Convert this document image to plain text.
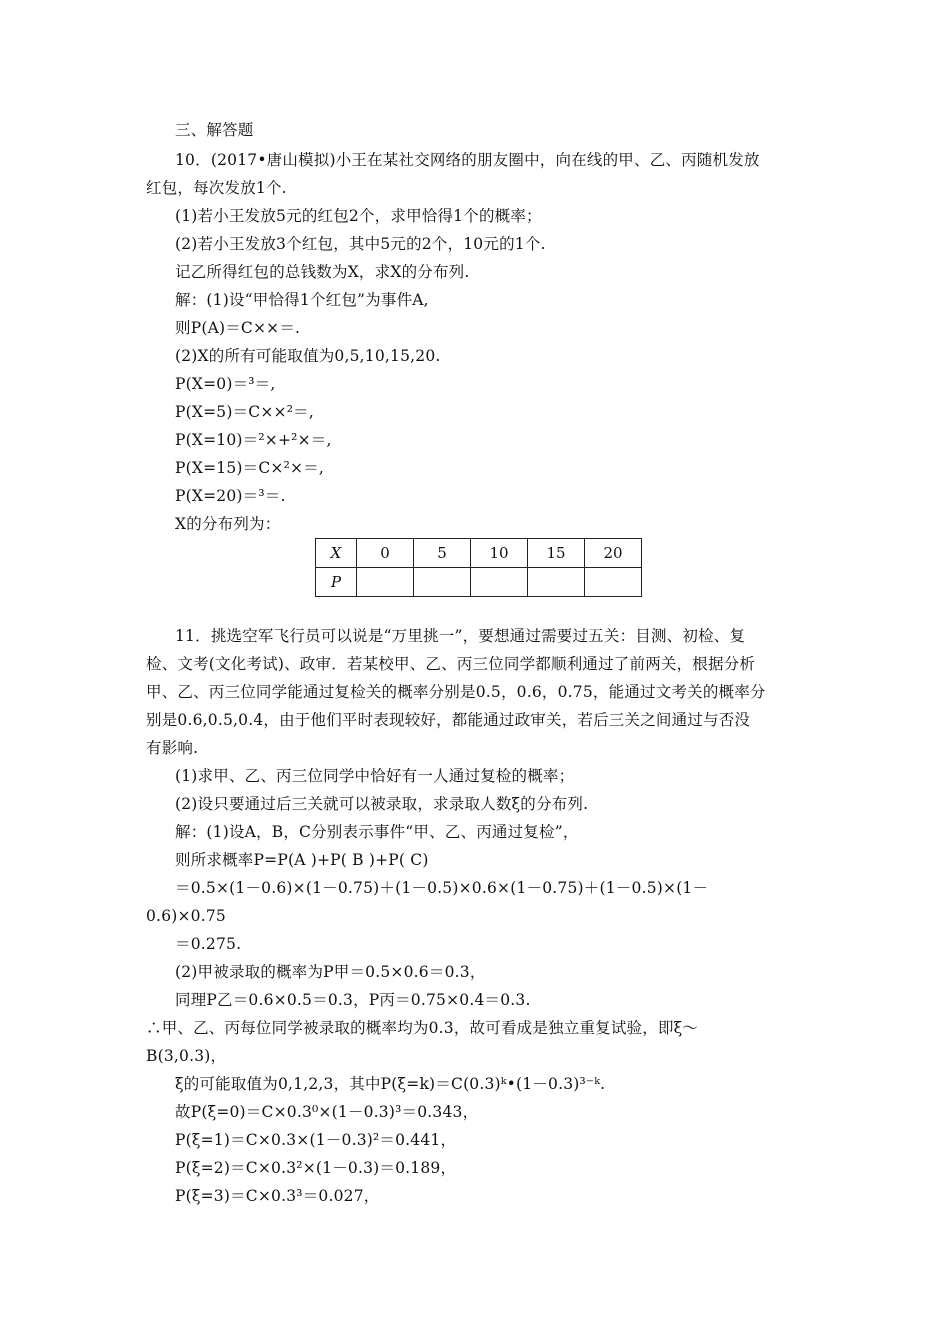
三、解答题
10．(2017•唐山模拟)小王在某社交网络的朋友圈中，向在线的甲、乙、丙随机发放
红包，每次发放1个.
(1)若小王发放5元的红包2个，求甲恰得1个的概率；
(2)若小王发放3个红包，其中5元的2个，10元的1个.
记乙所得红包的总钱数为X，求X的分布列.
解：(1)设“甲恰得1个红包”为事件A,
则P(A)＝C××＝.
(2)X的所有可能取值为0,5,10,15,20.
P(X=0)＝³＝,
P(X=5)＝C××²＝,
P(X=10)＝²×+²×＝,
P(X=15)＝C×²×＝,
P(X=20)＝³＝.
X的分布列为：
X	0	5	10	15	20
P					
11．挑选空军飞行员可以说是“万里挑一”，要想通过需要过五关：目测、初检、复
检、文考(文化考试)、政审．若某校甲、乙、丙三位同学都顺利通过了前两关，根据分析
甲、乙、丙三位同学能通过复检关的概率分别是0.5，0.6，0.75，能通过文考关的概率分
别是0.6,0.5,0.4，由于他们平时表现较好，都能通过政审关，若后三关之间通过与否没
有影响.
(1)求甲、乙、丙三位同学中恰好有一人通过复检的概率；
(2)设只要通过后三关就可以被录取，求录取人数ξ的分布列.
解：(1)设A，B，C分别表示事件“甲、乙、丙通过复检”，
则所求概率P=P(A )+P( B )+P( C)
＝0.5×(1－0.6)×(1－0.75)＋(1－0.5)×0.6×(1－0.75)＋(1－0.5)×(1－
0.6)×0.75
＝0.275.
(2)甲被录取的概率为P甲＝0.5×0.6＝0.3，
同理P乙＝0.6×0.5＝0.3，P丙＝0.75×0.4＝0.3.
∴甲、乙、丙每位同学被录取的概率均为0.3，故可看成是独立重复试验，即ξ～
B(3,0.3)，
ξ的可能取值为0,1,2,3，其中P(ξ=k)＝C(0.3)ᵏ•(1－0.3)³⁻ᵏ.
故P(ξ=0)＝C×0.3⁰×(1－0.3)³＝0.343，
P(ξ=1)＝C×0.3×(1－0.3)²＝0.441，
P(ξ=2)＝C×0.3²×(1－0.3)＝0.189，
P(ξ=3)＝C×0.3³＝0.027，
